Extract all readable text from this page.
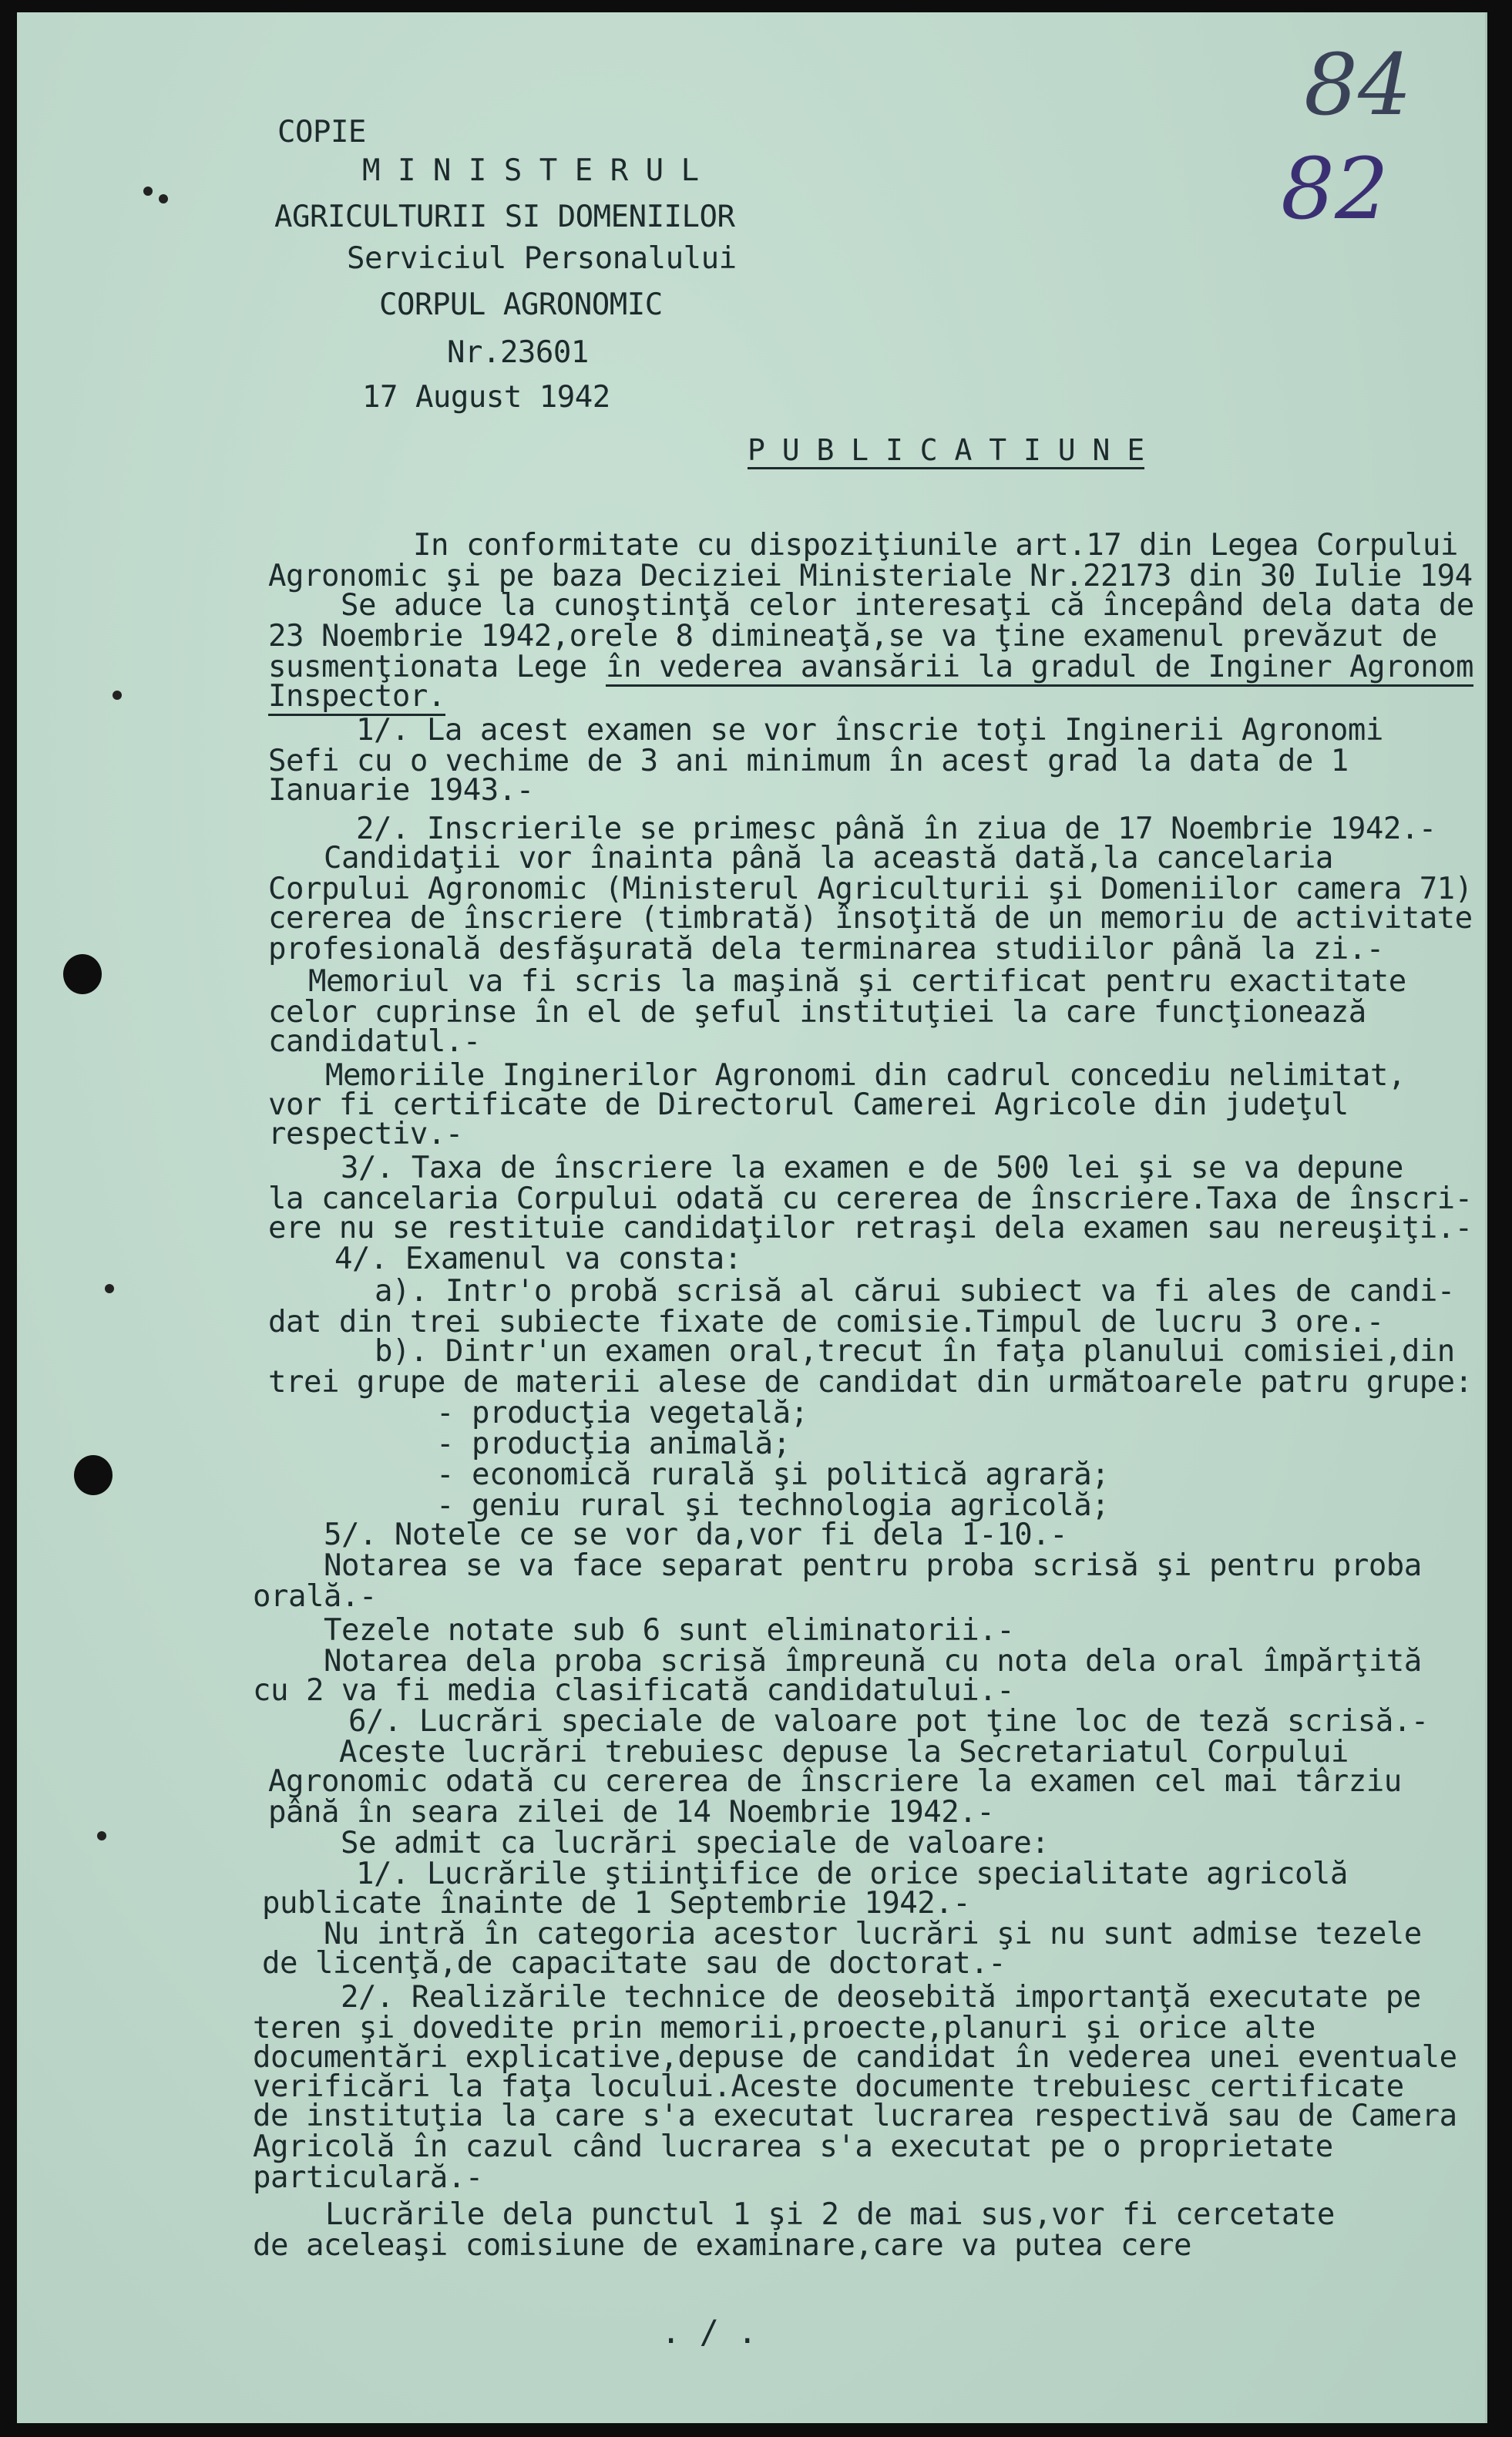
84
82
COPIE
M I N I S T E R U L
AGRICULTURII SI DOMENIILOR
Serviciul Personalului
CORPUL AGRONOMIC
Nr.23601
17 August 1942
P U B L I C A T I U N E
In conformitate cu dispoziţiunile art.17 din Legea Corpului
Agronomic şi pe baza Deciziei Ministeriale Nr.22173 din 30 Iulie 194
Se aduce la cunoştinţă celor interesaţi că începând dela data de
23 Noembrie 1942,orele 8 dimineaţă,se va ţine examenul prevăzut de
susmenţionata Lege în vederea avansării la gradul de Inginer Agronom
Inspector.
1/. La acest examen se vor înscrie toţi Inginerii Agronomi
Sefi cu o vechime de 3 ani minimum în acest grad la data de 1
Ianuarie 1943.-
2/. Inscrierile se primesc până în ziua de 17 Noembrie 1942.-
Candidaţii vor înainta până la această dată,la cancelaria
Corpului Agronomic (Ministerul Agriculturii şi Domeniilor camera 71)
cererea de înscriere (timbrată) însoţită de un memoriu de activitate
profesională desfăşurată dela terminarea studiilor până la zi.-
Memoriul va fi scris la maşină şi certificat pentru exactitate
celor cuprinse în el de şeful instituţiei la care funcţionează
candidatul.-
Memoriile Inginerilor Agronomi din cadrul concediu nelimitat,
vor fi certificate de Directorul Camerei Agricole din judeţul
respectiv.-
3/. Taxa de înscriere la examen e de 500 lei şi se va depune
la cancelaria Corpului odată cu cererea de înscriere.Taxa de înscri-
ere nu se restituie candidaţilor retraşi dela examen sau nereuşiţi.-
4/. Examenul va consta:
a). Intr'o probă scrisă al cărui subiect va fi ales de candi-
dat din trei subiecte fixate de comisie.Timpul de lucru 3 ore.-
b). Dintr'un examen oral,trecut în faţa planului comisiei,din
trei grupe de materii alese de candidat din următoarele patru grupe:
- producţia vegetală;
- producţia animală;
- economică rurală şi politică agrară;
- geniu rural şi technologia agricolă;
5/. Notele ce se vor da,vor fi dela 1-10.-
Notarea se va face separat pentru proba scrisă şi pentru proba
orală.-
Tezele notate sub 6 sunt eliminatorii.-
Notarea dela proba scrisă împreună cu nota dela oral împărţită
cu 2 va fi media clasificată candidatului.-
6/. Lucrări speciale de valoare pot ţine loc de teză scrisă.-
Aceste lucrări trebuiesc depuse la Secretariatul Corpului
Agronomic odată cu cererea de înscriere la examen cel mai târziu
până în seara zilei de 14 Noembrie 1942.-
Se admit ca lucrări speciale de valoare:
1/. Lucrările ştiinţifice de orice specialitate agricolă
publicate înainte de 1 Septembrie 1942.-
Nu intră în categoria acestor lucrări şi nu sunt admise tezele
de licenţă,de capacitate sau de doctorat.-
2/. Realizările technice de deosebită importanţă executate pe
teren şi dovedite prin memorii,proecte,planuri şi orice alte
documentări explicative,depuse de candidat în vederea unei eventuale
verificări la faţa locului.Aceste documente trebuiesc certificate
de instituţia la care s'a executat lucrarea respectivă sau de Camera
Agricolă în cazul când lucrarea s'a executat pe o proprietate
particulară.-
Lucrările dela punctul 1 şi 2 de mai sus,vor fi cercetate
de aceleaşi comisiune de examinare,care va putea cere
. / .
